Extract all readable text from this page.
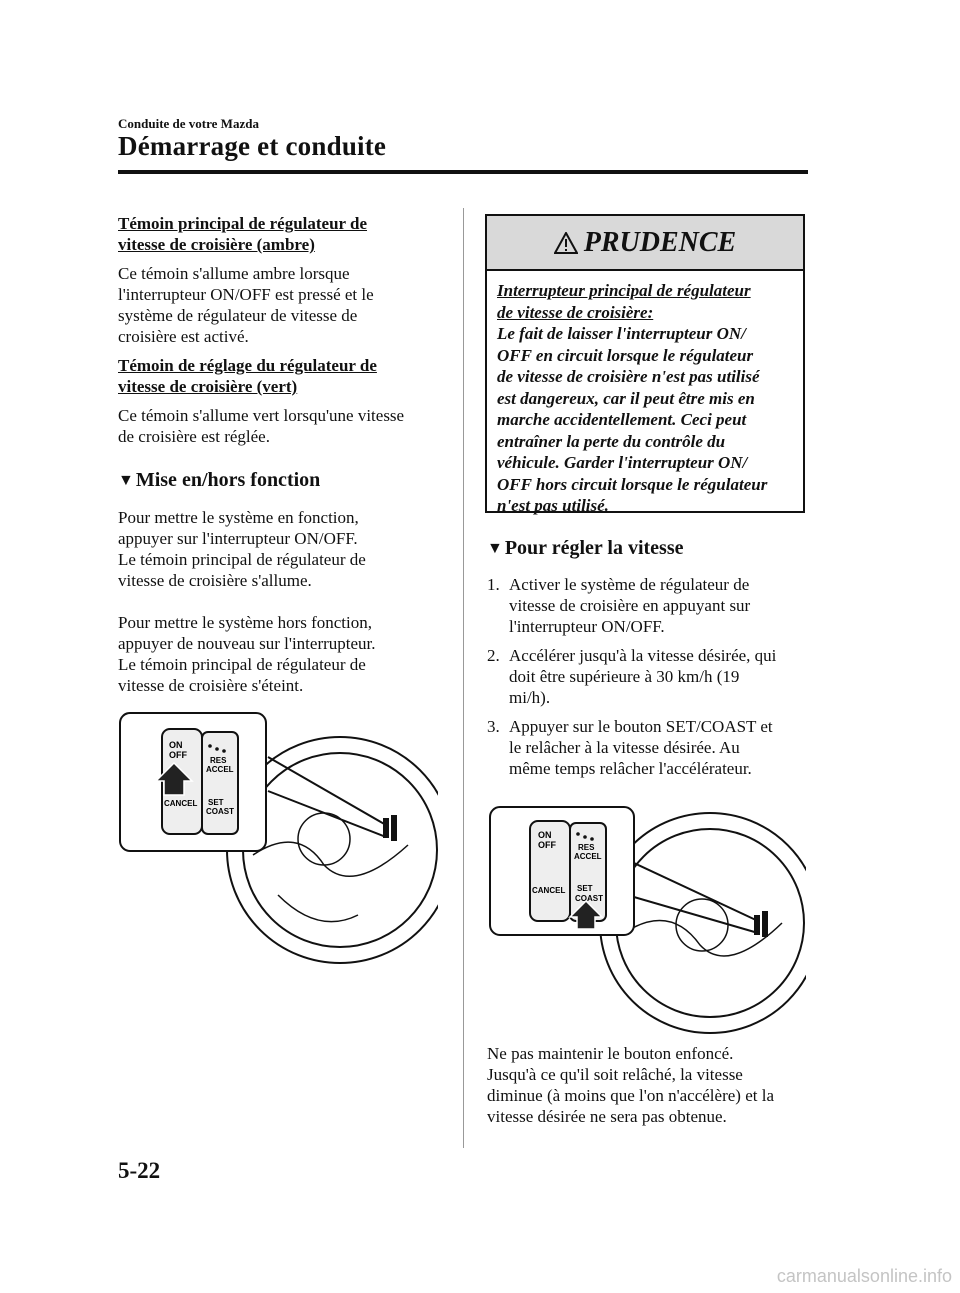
Conduite de votre Mazda
Démarrage et conduite

Témoin principal de régulateur de
vitesse de croisière (ambre)

Ce témoin s'allume ambre lorsque
l'interrupteur ON/OFF est pressé et le
système de régulateur de vitesse de
croisière est activé.

Témoin de réglage du régulateur de
vitesse de croisière (vert)

Ce témoin s'allume vert lorsqu'une vitesse
de croisière est réglée.

▼ Mise en/hors fonction

Pour mettre le système en fonction,
appuyer sur l'interrupteur ON/OFF.
Le témoin principal de régulateur de
vitesse de croisière s'allume.

Pour mettre le système hors fonction,
appuyer de nouveau sur l'interrupteur.
Le témoin principal de régulateur de
vitesse de croisière s'éteint.

ON
OFF
CANCEL
RES
ACCEL
SET
COAST
PRUDENCE
Interrupteur principal de régulateur
de vitesse de croisière:
Le fait de laisser l'interrupteur ON/
OFF en circuit lorsque le régulateur
de vitesse de croisière n'est pas utilisé
est dangereux, car il peut être mis en
marche accidentellement. Ceci peut
entraîner la perte du contrôle du
véhicule. Garder l'interrupteur ON/
OFF hors circuit lorsque le régulateur
n'est pas utilisé.
▼ Pour régler la vitesse
1. Activer le système de régulateur de
vitesse de croisière en appuyant sur
l'interrupteur ON/OFF.
2. Accélérer jusqu'à la vitesse désirée, qui
doit être supérieure à 30 km/h (19
mi/h).
3. Appuyer sur le bouton SET/COAST et
le relâcher à la vitesse désirée. Au
même temps relâcher l'accélérateur.
ON
OFF
CANCEL
RES
ACCEL
SET
COAST

Ne pas maintenir le bouton enfoncé.
Jusqu'à ce qu'il soit relâché, la vitesse
diminue (à moins que l'on n'accélère) et la
vitesse désirée ne sera pas obtenue.

5-22
carmanualsonline.info
